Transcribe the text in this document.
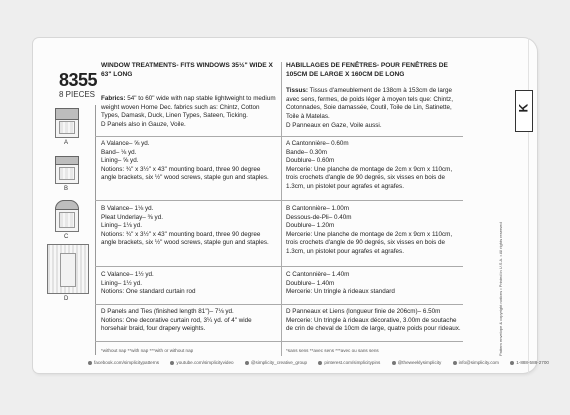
8355
8 PIECES
A
B
C
D
WINDOW TREATMENTS- FITS WINDOWS 35½" WIDE X 63" LONG
Fabrics: 54" to 60" wide with nap stable lightweight to medium weight woven Home Dec. fabrics such as: Chintz, Cotton Types, Damask, Duck, Linen Types, Sateen, Ticking.
D Panels also in Gauze, Voile.
A Valance– ⅝ yd.
Band– ⅛ yd.
Lining– ⅝ yd.
Notions: ¾" x 3½" x 43" mounting board, three 90 degree angle brackets, six ½" wood screws, staple gun and staples.
B Valance– 1⅛ yd.
Pleat Underlay– ⅜ yd.
Lining– 1⅛ yd.
Notions: ¾" x 3½" x 43" mounting board, three 90 degree angle brackets, six ½" wood screws, staple gun and staples.
C Valance– 1½ yd.
Lining– 1½ yd.
Notions: One standard curtain rod
D Panels and Ties (finished length 81")– 7⅛ yd.
Notions: One decorative curtain rod, 3¼ yd. of 4" wide horsehair braid, four drapery weights.
HABILLAGES DE FENÊTRES- POUR FENÊTRES DE 105CM DE LARGE X 160CM DE LONG
Tissus: Tissus d'ameublement de 138cm à 153cm de large avec sens, fermes, de poids léger à moyen tels que: Chintz, Cotonnades, Soie damassée, Coutil, Toile de Lin, Satinette, Toile à Matelas.
D Panneaux en Gaze, Voile aussi.
A Cantonnière– 0.60m
Bande– 0.30m
Doublure– 0.60m
Mercerie: Une planche de montage de 2cm x 9cm x 110cm, trois crochets d'angle de 90 degrés, six visses en bois de 1.3cm, un pistolet pour agrafes et agrafes.
B Cantonnière– 1.00m
Dessous-de-Pli– 0.40m
Doublure– 1.20m
Mercerie: Une planche de montage de 2cm x 9cm x 110cm, trois crochets d'angle de 90 degrés, six visses en bois de 1.3cm, un pistolet pour agrafes et agrafes.
C Cantonnière– 1.40m
Doublure– 1.40m
Mercerie: Un tringle à rideaux standard
D Panneaux et Liens (longueur finie de 206cm)– 6.50m
Mercerie: Un tringle à rideaux décorative, 3.00m de soutache de crin de cheval de 10cm de large, quatre poids pour rideaux.
*without nap **with nap ***with or without nap	*sans sens **avec sens ***avec ou sans sens
facebook.com/simplicitypatterns	youtube.com/simplicityvideo	@simplicity_creative_group	pinterest.com/simplicitypins	@theweeklysimplicity	info@simplicity.com	1-888-588-2700
Pattern envelope & copyright notices • Printed in U.S.A. • All rights reserved
K
